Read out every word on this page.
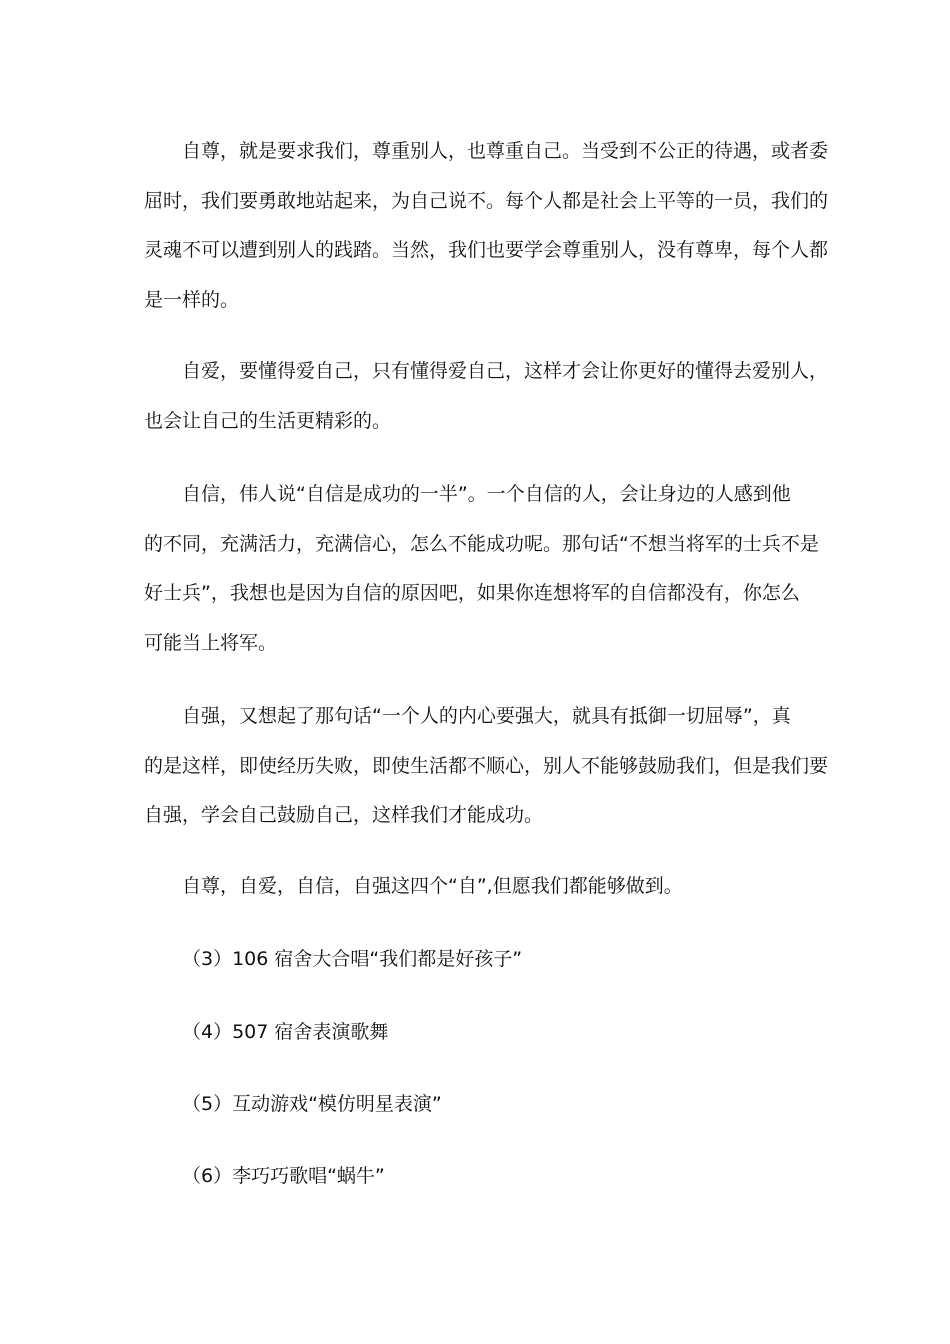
自尊，就是要求我们，尊重别人，也尊重自己。当受到不公正的待遇，或者委
屈时，我们要勇敢地站起来，为自己说不。每个人都是社会上平等的一员，我们的
灵魂不可以遭到别人的践踏。当然，我们也要学会尊重别人，没有尊卑，每个人都
是一样的。
自爱，要懂得爱自己，只有懂得爱自己，这样才会让你更好的懂得去爱别人，
也会让自己的生活更精彩的。
自信，伟人说“自信是成功的一半”。一个自信的人，会让身边的人感到他
的不同，充满活力，充满信心，怎么不能成功呢。那句话“不想当将军的士兵不是
好士兵”，我想也是因为自信的原因吧，如果你连想将军的自信都没有，你怎么
可能当上将军。
自强，又想起了那句话“一个人的内心要强大，就具有抵御一切屈辱”，真
的是这样，即使经历失败，即使生活都不顺心，别人不能够鼓励我们，但是我们要
自强，学会自己鼓励自己，这样我们才能成功。
自尊，自爱，自信，自强这四个“自”,但愿我们都能够做到。
（3）106 宿舍大合唱“我们都是好孩子”
（4）507 宿舍表演歌舞
（5）互动游戏“模仿明星表演”
（6）李巧巧歌唱“蜗牛”
